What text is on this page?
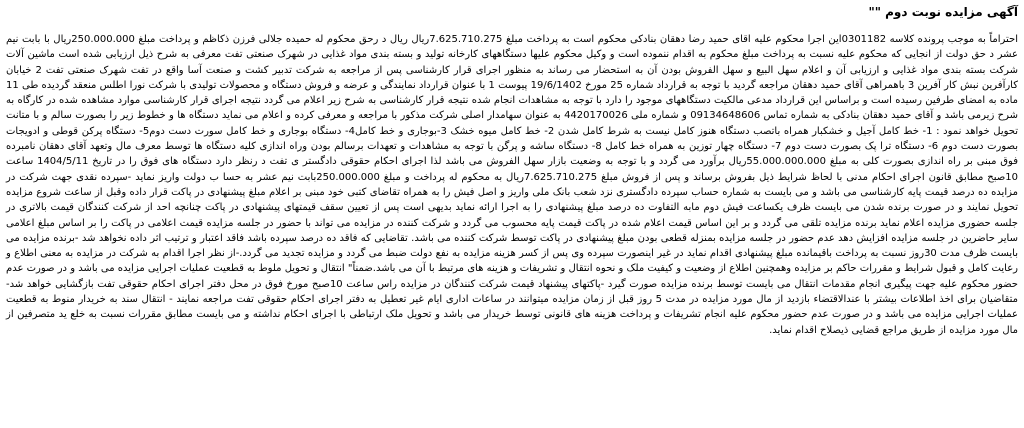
آگهی مزایده نوبت دوم ""

احتراماً به موجب پرونده کلاسه 0301182این اجرا محکوم علیه اقای حمید رضا دهقان بنادکی محکوم است به پرداخت مبلغ 7.625.710.275ریال ریال د رحق محکوم له حمیده جلالی فرزن ذکاظم و پرداخت مبلغ 250.000.000ریال با بابت نیم عشر د حق دولت از انجایی که محکوم علیه نسبت به پرداخت مبلغ محکوم به اقدام ننموده است و وکیل محکوم علیها دستگاههای کارخانه تولید و بسته بندی مواد غذایی در شهرک صنعتی تفت معرفی به شرح ذیل ارزیابی شده است ماشین آلات شرکت بسته بندی مواد غذایی و ارزیابی آن و اعلام سهل البیع و سهل الفروش بودن آن به استحضار می رساند به منظور اجرای قرار کارشناسی پس از مراجعه به شرکت تدبیر کشت و صنعت آسا واقع در تفت شهرک صنعتی تفت 2 خیابان کارآفرین نبش کار آفرین 3 باهمراهی آقای حمید دهقان مراجعه گردید با توجه به قرارداد شماره 25 مورخ 19/6/1402 پیوست 1 با عنوان قرارداد نمایندگی و عرضه و فروش دستگاه و محصولات تولیدی با شرکت نورا اطلس منعقد گردیده طی 11 ماده به امضای طرفین رسیده است و براساس این قرارداد مدعی مالکیت دستگاههای موجود را دارد با توجه به مشاهدات انجام شده نتیجه قرار کارشناسی به شرح زیر اعلام می گردد نتیجه اجرای قرار کارشناسی موارد مشاهده شده در کارگاه به شرح زیرمی باشد و آقای حمید دهقان بنادکی به شماره تماس 09134648606 و شماره ملی 4420170026 به عنوان سهامدار اصلی شرکت مذکور با مراجعه و معرفی کرده و اعلام می نماید دستگاه ها و خطوط زیر را بصورت سالم و با متانت تحویل خواهد نمود : 1- خط کامل آجیل و خشکبار همراه باتصب دستگاه هنوز کامل نیست به شرط کامل شدن 2- خط کامل میوه خشک 3-بوجاری و خط کامل4- دستگاه بوجاری و خط کامل سورت دست دوم5- دستگاه پرکن قوطی و ادویجات بصورت دست دوم 6- دستگاه ترا پک بصورت دست دوم 7- دستگاه چهار توزین به همراه خط کامل 8- دستگاه ساشه و پرگن با توجه به مشاهدات و تعهدات برسالم بودن وراه اندازی کلیه دستگاه ها توسط معرف مال وتعهد آقای دهقان نامبرده فوق مبنی بر راه اندازی بصورت کلی به مبلغ 55.000.000.000ریال برآورد می گردد و با توجه به وضعیت بازار سهل الفروش می باشد لذا اجرای احکام حقوقی دادگستر ی تفت د رنظر دارد دستگاه های فوق را در تاریخ 1404/5/11 ساعت 10صبح مطابق قانون اجرای احکام مدنی با لحاظ شرایط ذیل بفروش برساند و پس از فروش مبلغ 7.625.710.275ریال به محکوم له پرداخت و مبلغ 250.000.000بابت نیم عشر به حسا ب دولت واریز نماید -سپرده نقدی جهت شرکت در مزایده ده درصد قیمت پایه کارشناسی می باشد و می بایست به شماره حساب سپرده دادگستری نزد شعب بانک ملی واریز و اصل فیش را به همراه تقاضای کتبی خود مبنی بر اعلام مبلغ پیشنهادی در پاکت قرار داده وقبل از ساعت شروع مزایده تحویل نمایند و در صورت برنده شدن می بایست ظرف یکساعت فیش دوم مابه التفاوت ده درصد مبلغ پیشنهادی را به اجرا ارائه نماید بدیهی است پس از تعیین سقف قیمتهای پیشنهادی در پاکت چنانچه احد از شرکت کنندگان قیمت بالاتری در جلسه حضوری مزایده اعلام نماید برنده مزایده تلقی می گردد و بر این اساس قیمت اعلام شده در پاکت قیمت پایه محسوب می گردد و شرکت کننده در مزایده می تواند با حضور در جلسه مزایده قیمت اعلامی در پاکت را بر اساس مبلغ اعلامی سایر حاضرین در جلسه مزایده افزایش دهد عدم حضور در جلسه مزایده بمنزله قطعی بودن مبلغ پیشنهادی در پاکت توسط شرکت کننده می باشد. تقاضایی که فاقد ده درصد سپرده باشد فاقد اعتبار و ترتیب اثر داده نخواهد شد -برنده مزایده می بایست ظرف مدت 30روز نسبت به پرداخت باقیمانده مبلغ پیشنهادی اقدام نماید در غیر اینصورت سپرده وی پس از کسر هزینه مزایده به نفع دولت ضبط می گردد و مزایده تجدید می گردد.-از نظر اجرا اقدام به شرکت در مزایده به معنی اطلاع و رعایت کامل و قبول شرایط و مقررات حاکم بر مزایده وهمچنین اطلاع از وضعیت و کیفیت ملک و نحوه انتقال و تشریفات و هزینه های مرتبط با آن می باشد.ضمناً" انتقال و تحویل ملوط به قطعیت عملیات اجرایی مزایده می باشد و در صورت عدم حضور محکوم علیه جهت پیگیری انجام مقدمات انتقال می بایست توسط برنده مزایده صورت گیرد -پاکتهای پیشنهاد قیمت شرکت کنندگان در مزایده راس ساعت 10صبح مورخ فوق در محل دفتر اجرای احکام حقوقی تفت بازگشایی خواهد شد-متقاضیان برای اخذ اطلاعات بیشتر با عندالاقتضاء بازدید از مال مورد مزایده در مدت 5 روز قبل از زمان مزایده میتوانند در ساعات اداری ایام غیر تعطیل به دفتر اجرای احکام حقوقی تفت مراجعه نمایند - انتقال سند به خریدار منوط به قطعیت عملیات اجرایی مزایده می باشد و در صورت عدم حضور محکوم علیه انجام تشریفات و پرداخت هزینه های قانونی توسط خریدار می باشد و تحویل ملک ارتباطی با اجرای احکام نداشته و می بایست مطابق مقررات نسبت به خلع ید متصرفین از مال مورد مزایده از طریق مراجع قضایی ذیصلاح اقدام نماید.
